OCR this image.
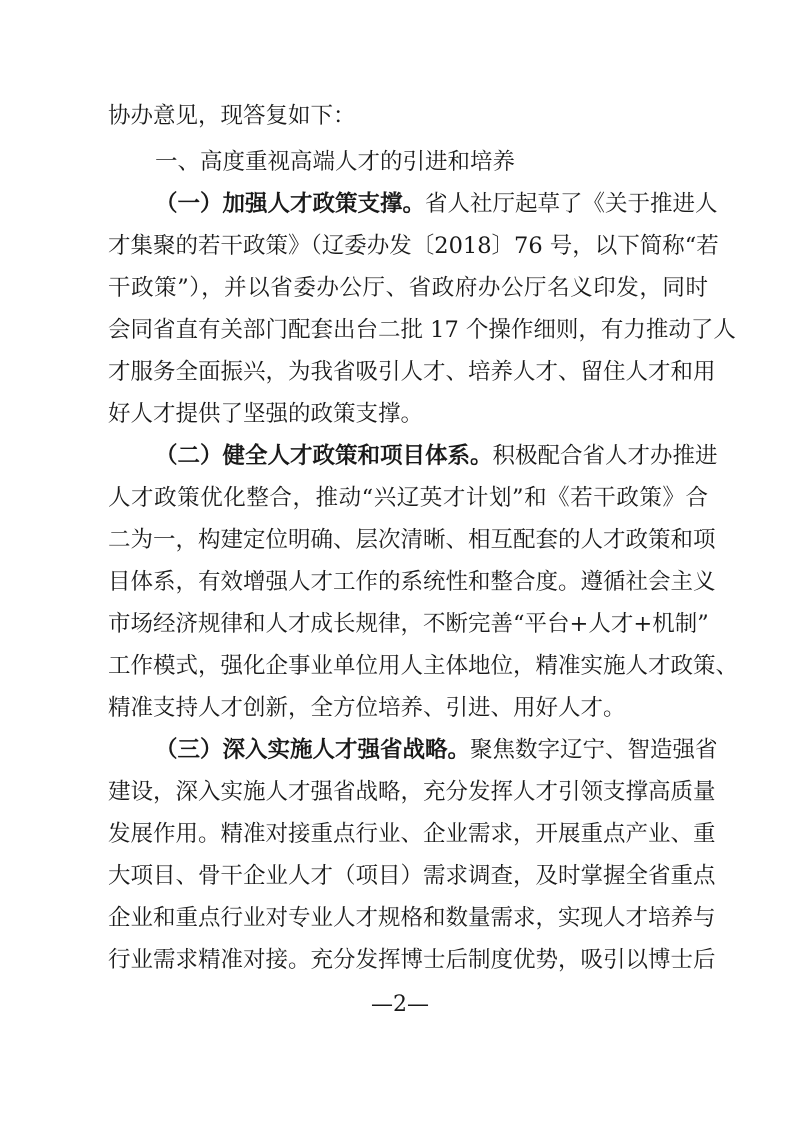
协办意见，现答复如下：
一、高度重视高端人才的引进和培养
（一）加强人才政策支撑。省人社厅起草了《关于推进人
才集聚的若干政策》（辽委办发〔2018〕76 号，以下简称“若
干政策”），并以省委办公厅、省政府办公厅名义印发，同时
会同省直有关部门配套出台二批 17 个操作细则，有力推动了人
才服务全面振兴，为我省吸引人才、培养人才、留住人才和用
好人才提供了坚强的政策支撑。
（二）健全人才政策和项目体系。积极配合省人才办推进
人才政策优化整合，推动“兴辽英才计划”和《若干政策》合
二为一，构建定位明确、层次清晰、相互配套的人才政策和项
目体系，有效增强人才工作的系统性和整合度。遵循社会主义
市场经济规律和人才成长规律，不断完善“平台+人才+机制”
工作模式，强化企事业单位用人主体地位，精准实施人才政策、
精准支持人才创新，全方位培养、引进、用好人才。
（三）深入实施人才强省战略。聚焦数字辽宁、智造强省
建设，深入实施人才强省战略，充分发挥人才引领支撑高质量
发展作用。精准对接重点行业、企业需求，开展重点产业、重
大项目、骨干企业人才（项目）需求调查，及时掌握全省重点
企业和重点行业对专业人才规格和数量需求，实现人才培养与
行业需求精准对接。充分发挥博士后制度优势，吸引以博士后
—2—
